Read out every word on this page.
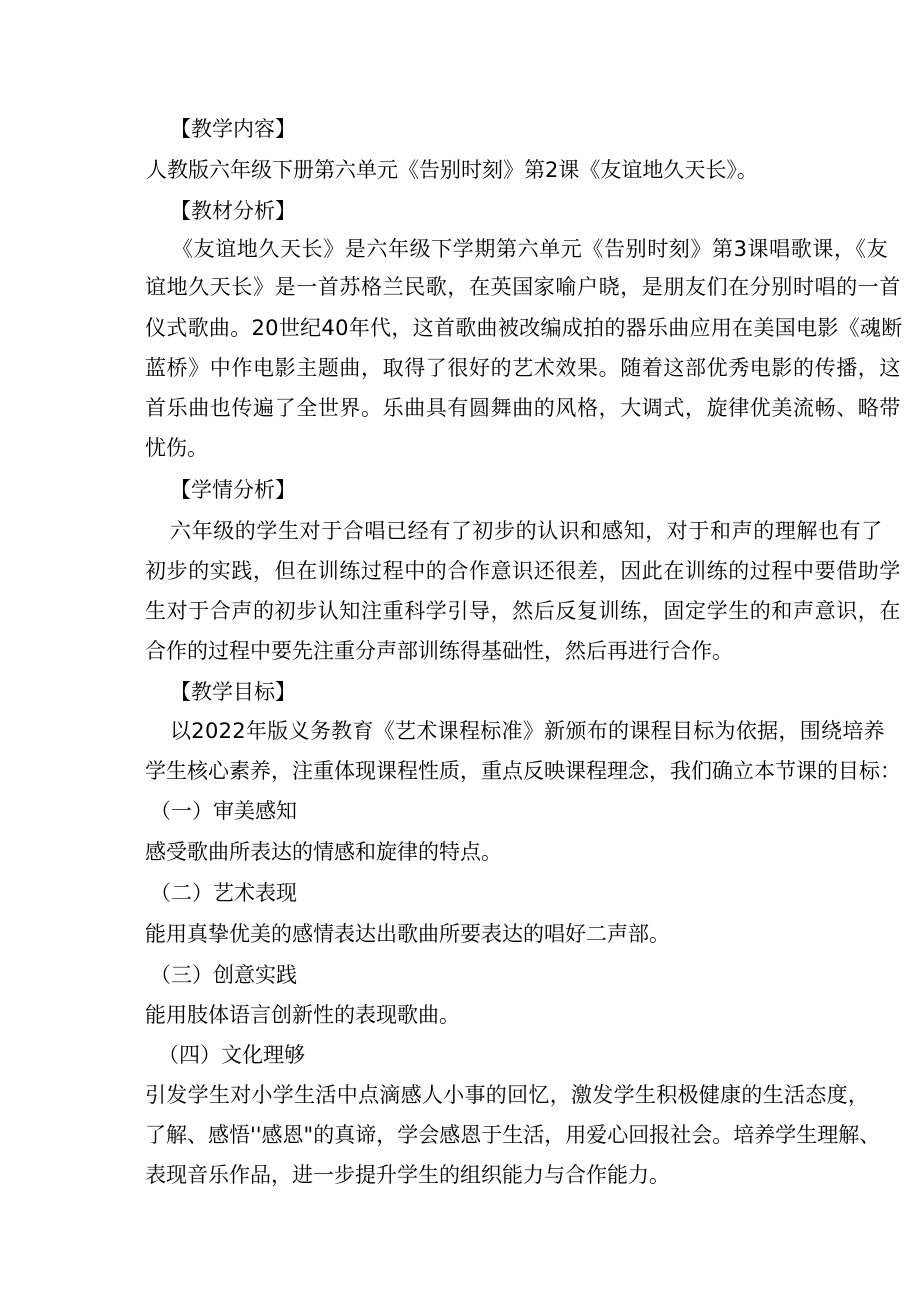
【教学内容】
人教版六年级下册第六单元《告别时刻》第2课《友谊地久天长》。
【教材分析】
《友谊地久天长》是六年级下学期第六单元《告别时刻》第3课唱歌课，《友
谊地久天长》是一首苏格兰民歌，在英国家喻户晓，是朋友们在分别时唱的一首
仪式歌曲。20世纪40年代，这首歌曲被改编成拍的器乐曲应用在美国电影《魂断
蓝桥》中作电影主题曲，取得了很好的艺术效果。随着这部优秀电影的传播，这
首乐曲也传遍了全世界。乐曲具有圆舞曲的风格，大调式，旋律优美流畅、略带
忧伤。
【学情分析】
六年级的学生对于合唱已经有了初步的认识和感知，对于和声的理解也有了
初步的实践，但在训练过程中的合作意识还很差，因此在训练的过程中要借助学
生对于合声的初步认知注重科学引导，然后反复训练，固定学生的和声意识，在
合作的过程中要先注重分声部训练得基础性，然后再进行合作。
【教学目标】
以2022年版义务教育《艺术课程标准》新颁布的课程目标为依据，围绕培养
学生核心素养，注重体现课程性质，重点反映课程理念，我们确立本节课的目标：
（一）审美感知
感受歌曲所表达的情感和旋律的特点。
（二）艺术表现
能用真挚优美的感情表达出歌曲所要表达的唱好二声部。
（三）创意实践
能用肢体语言创新性的表现歌曲。
（四）文化理够
引发学生对小学生活中点滴感人小事的回忆，激发学生积极健康的生活态度，
了解、感悟''感恩"的真谛，学会感恩于生活，用爱心回报社会。培养学生理解、
表现音乐作品，进一步提升学生的组织能力与合作能力。
